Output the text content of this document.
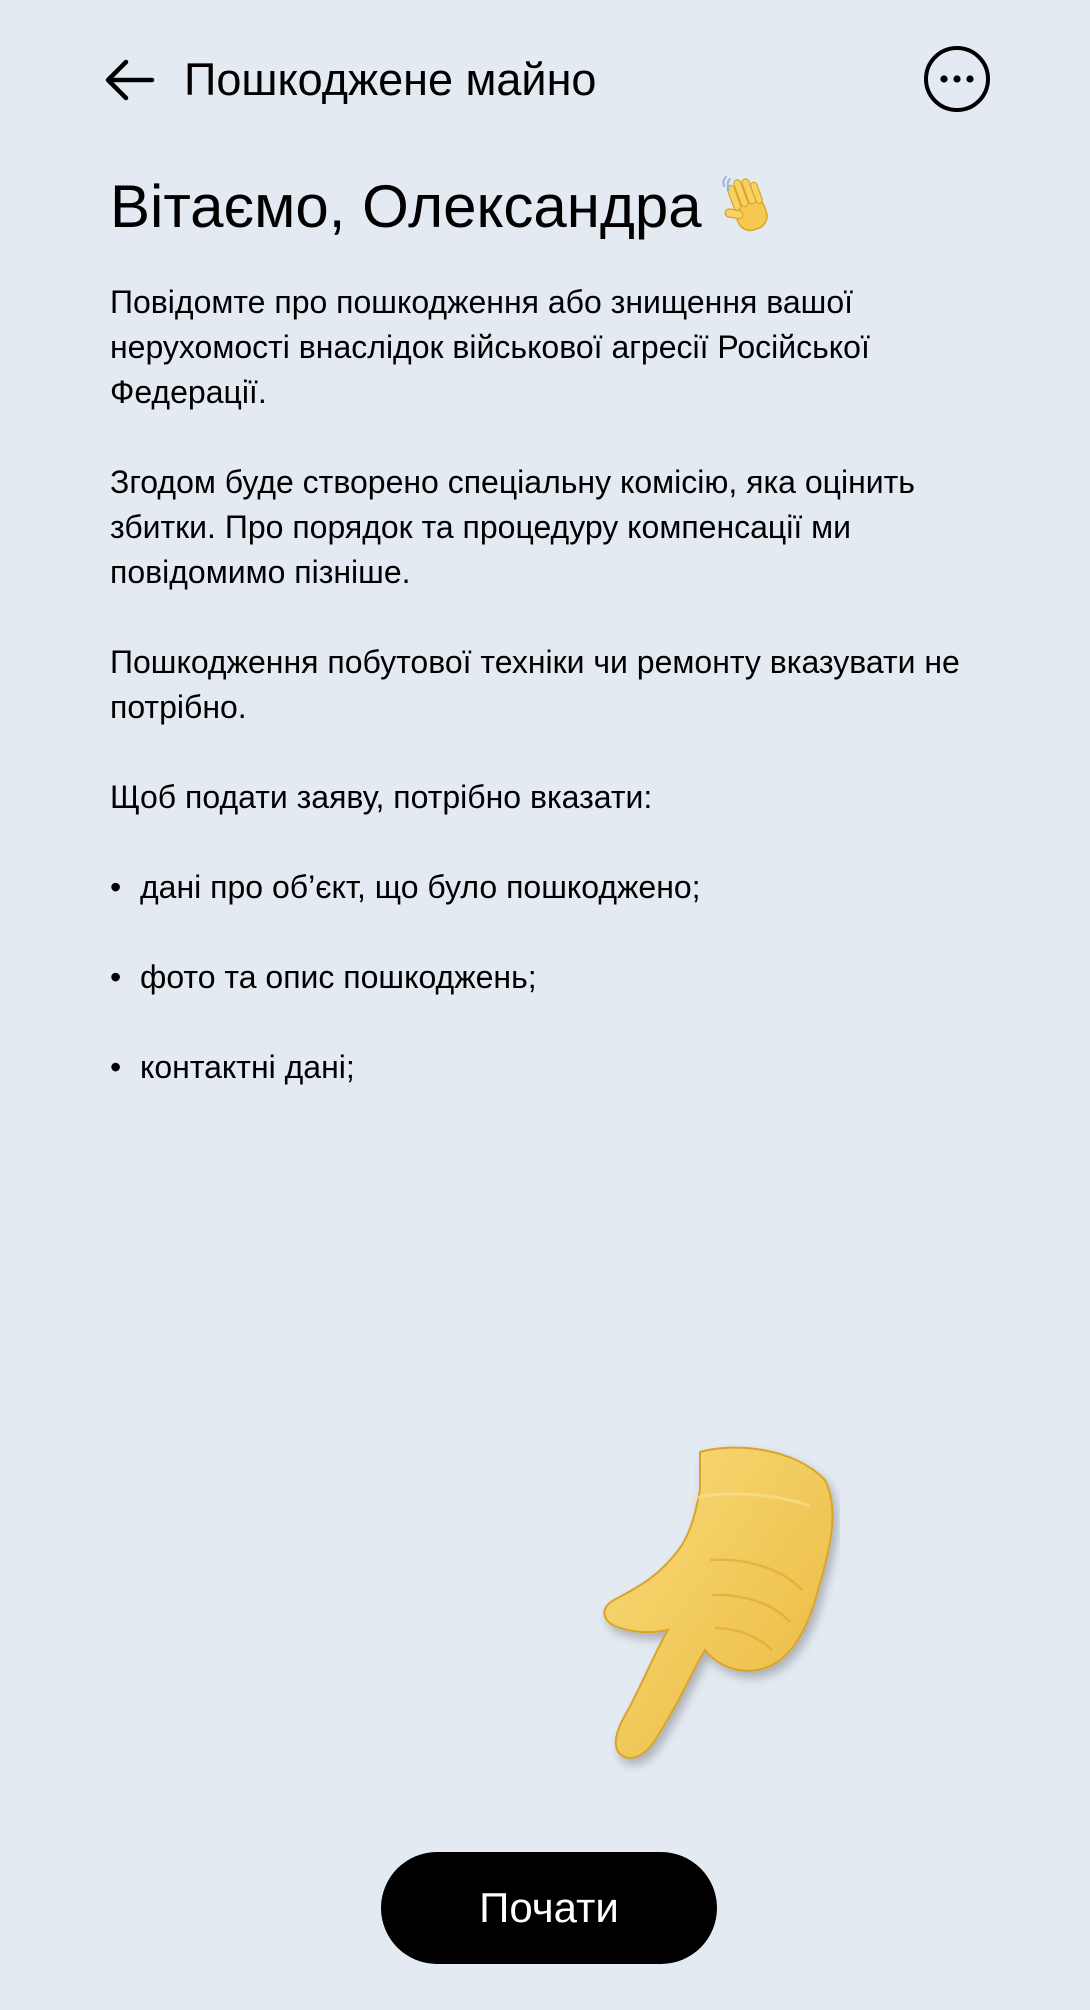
Пошкоджене майно
Вітаємо, Олександра

Повідомте про пошкодження або знищення вашої нерухомості внаслідок військової агресії Російської Федерації.

Згодом буде створено спеціальну комісію, яка оцінить збитки. Про порядок та процедуру компенсації ми повідомимо пізніше.

Пошкодження побутової техніки чи ремонту вказувати не потрібно.

Щоб подати заяву, потрібно вказати:

• дані про об’єкт, що було пошкоджено;
• фото та опис пошкоджень;
• контактні дані;
Почати
